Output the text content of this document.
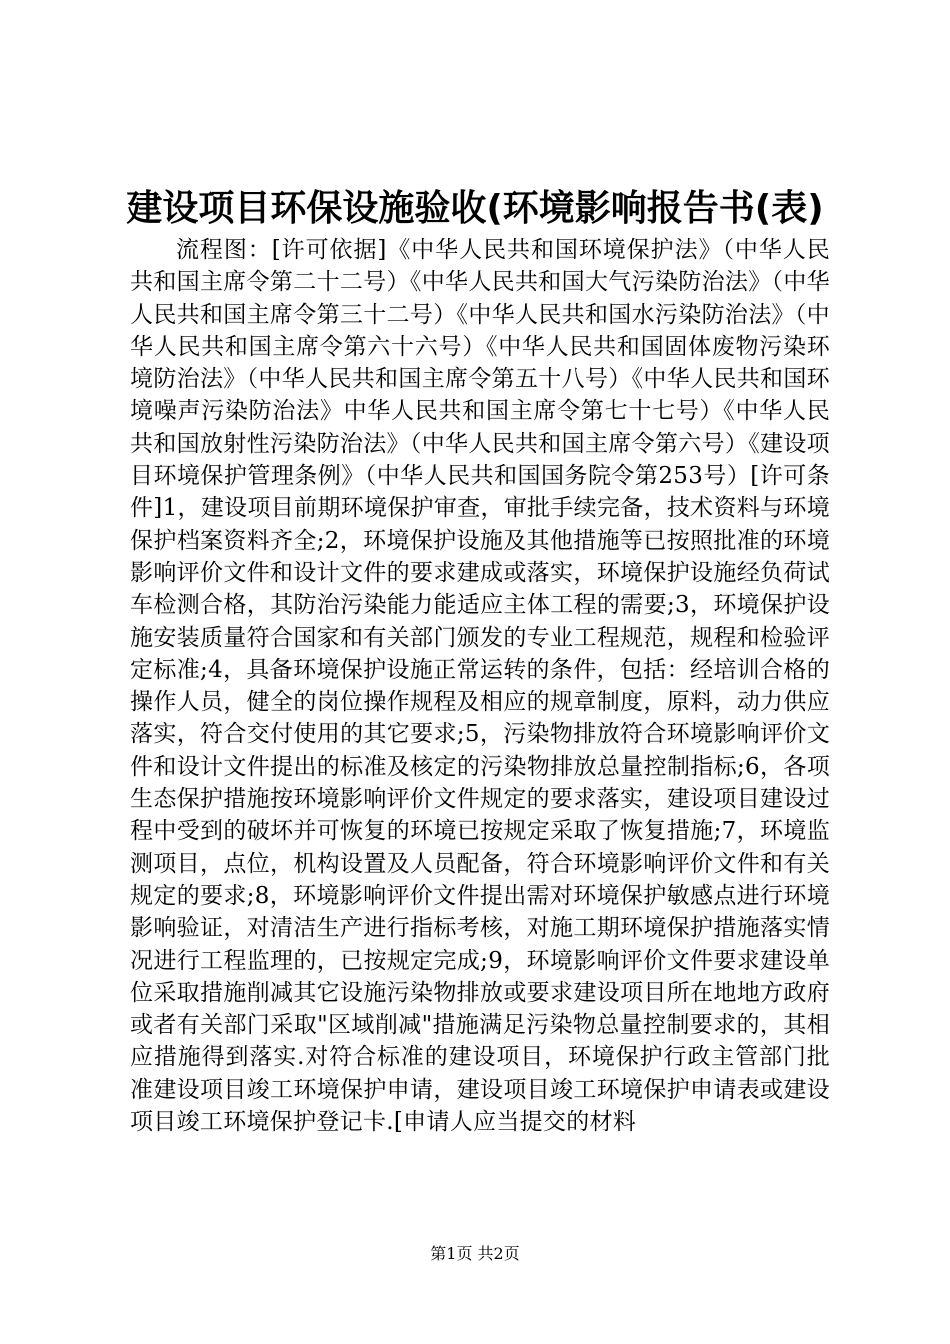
建设项目环保设施验收(环境影响报告书(表)
流程图：[许可依据]《中华人民共和国环境保护法》（中华人民共和国主席令第二十二号）《中华人民共和国大气污染防治法》（中华人民共和国主席令第三十二号）《中华人民共和国水污染防治法》（中华人民共和国主席令第六十六号）《中华人民共和国固体废物污染环境防治法》（中华人民共和国主席令第五十八号）《中华人民共和国环境噪声污染防治法》中华人民共和国主席令第七十七号）《中华人民共和国放射性污染防治法》（中华人民共和国主席令第六号）《建设项目环境保护管理条例》（中华人民共和国国务院令第253号）[许可条件]1，建设项目前期环境保护审查，审批手续完备，技术资料与环境保护档案资料齐全;2，环境保护设施及其他措施等已按照批准的环境影响评价文件和设计文件的要求建成或落实，环境保护设施经负荷试车检测合格，其防治污染能力能适应主体工程的需要;3，环境保护设施安装质量符合国家和有关部门颁发的专业工程规范，规程和检验评定标准;4，具备环境保护设施正常运转的条件，包括：经培训合格的操作人员，健全的岗位操作规程及相应的规章制度，原料，动力供应落实，符合交付使用的其它要求;5，污染物排放符合环境影响评价文件和设计文件提出的标准及核定的污染物排放总量控制指标;6，各项生态保护措施按环境影响评价文件规定的要求落实，建设项目建设过程中受到的破坏并可恢复的环境已按规定采取了恢复措施;7，环境监测项目，点位，机构设置及人员配备，符合环境影响评价文件和有关规定的要求;8，环境影响评价文件提出需对环境保护敏感点进行环境影响验证，对清洁生产进行指标考核，对施工期环境保护措施落实情况进行工程监理的，已按规定完成;9，环境影响评价文件要求建设单位采取措施削减其它设施污染物排放或要求建设项目所在地地方政府或者有关部门采取"区域削减"措施满足污染物总量控制要求的，其相应措施得到落实.对符合标准的建设项目，环境保护行政主管部门批准建设项目竣工环境保护申请，建设项目竣工环境保护申请表或建设项目竣工环境保护登记卡.[申请人应当提交的材料
第1页 共2页
